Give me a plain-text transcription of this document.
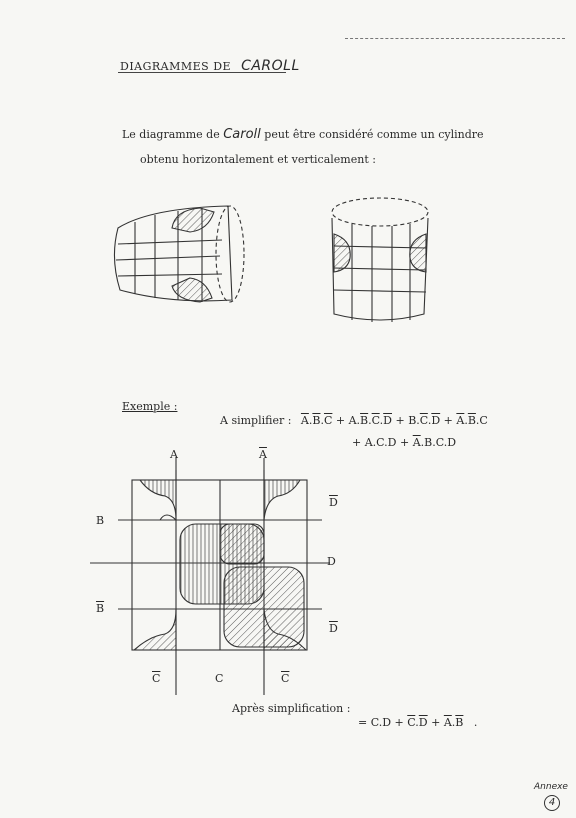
DIAGRAMMES DE CAROLL
Le diagramme de Caroll peut être considéré comme un cylindre
obtenu horizontalement et verticalement :
Exemple :
A simplifier : $\overline{A}.\overline{B}.\overline{C} + A.\overline{B}.\overline{C}.\overline{D} + B.\overline{C}.\overline{D} + \overline{A}.\overline{B}.C$
+ $A.C.D + \overline{A}.B.C.D$
A	$\overline{A}$
B
$\overline{B}$
$\overline{D}$
D
$\overline{D}$
$\overline{C}$	C	$\overline{C}$
Après simplification :
= $C.D + \overline{C}.\overline{D} + \overline{A}.\overline{B}$   .
Annexe
4
